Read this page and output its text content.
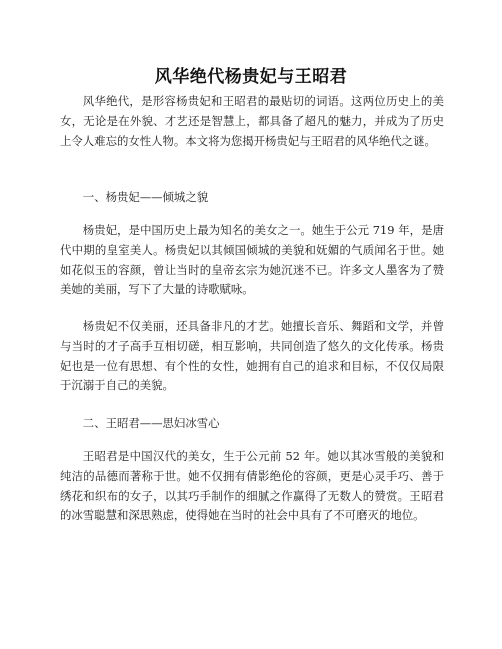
风华绝代杨贵妃与王昭君

风华绝代，是形容杨贵妃和王昭君的最贴切的词语。这两位历史上的美女，无论是在外貌、才艺还是智慧上，都具备了超凡的魅力，并成为了历史上令人难忘的女性人物。本文将为您揭开杨贵妃与王昭君的风华绝代之谜。

一、杨贵妃——倾城之貌

杨贵妃，是中国历史上最为知名的美女之一。她生于公元 719 年，是唐代中期的皇室美人。杨贵妃以其倾国倾城的美貌和妩媚的气质闻名于世。她如花似玉的容颜，曾让当时的皇帝玄宗为她沉迷不已。许多文人墨客为了赞美她的美丽，写下了大量的诗歌赋咏。

杨贵妃不仅美丽，还具备非凡的才艺。她擅长音乐、舞蹈和文学，并曾与当时的才子高手互相切磋，相互影响，共同创造了悠久的文化传承。杨贵妃也是一位有思想、有个性的女性，她拥有自己的追求和目标，不仅仅局限于沉溺于自己的美貌。

二、王昭君——思妇冰雪心

王昭君是中国汉代的美女，生于公元前 52 年。她以其冰雪般的美貌和纯洁的品德而著称于世。她不仅拥有倩影绝伦的容颜，更是心灵手巧、善于绣花和织布的女子，以其巧手制作的细腻之作赢得了无数人的赞赏。王昭君的冰雪聪慧和深思熟虑，使得她在当时的社会中具有了不可磨灭的地位。
